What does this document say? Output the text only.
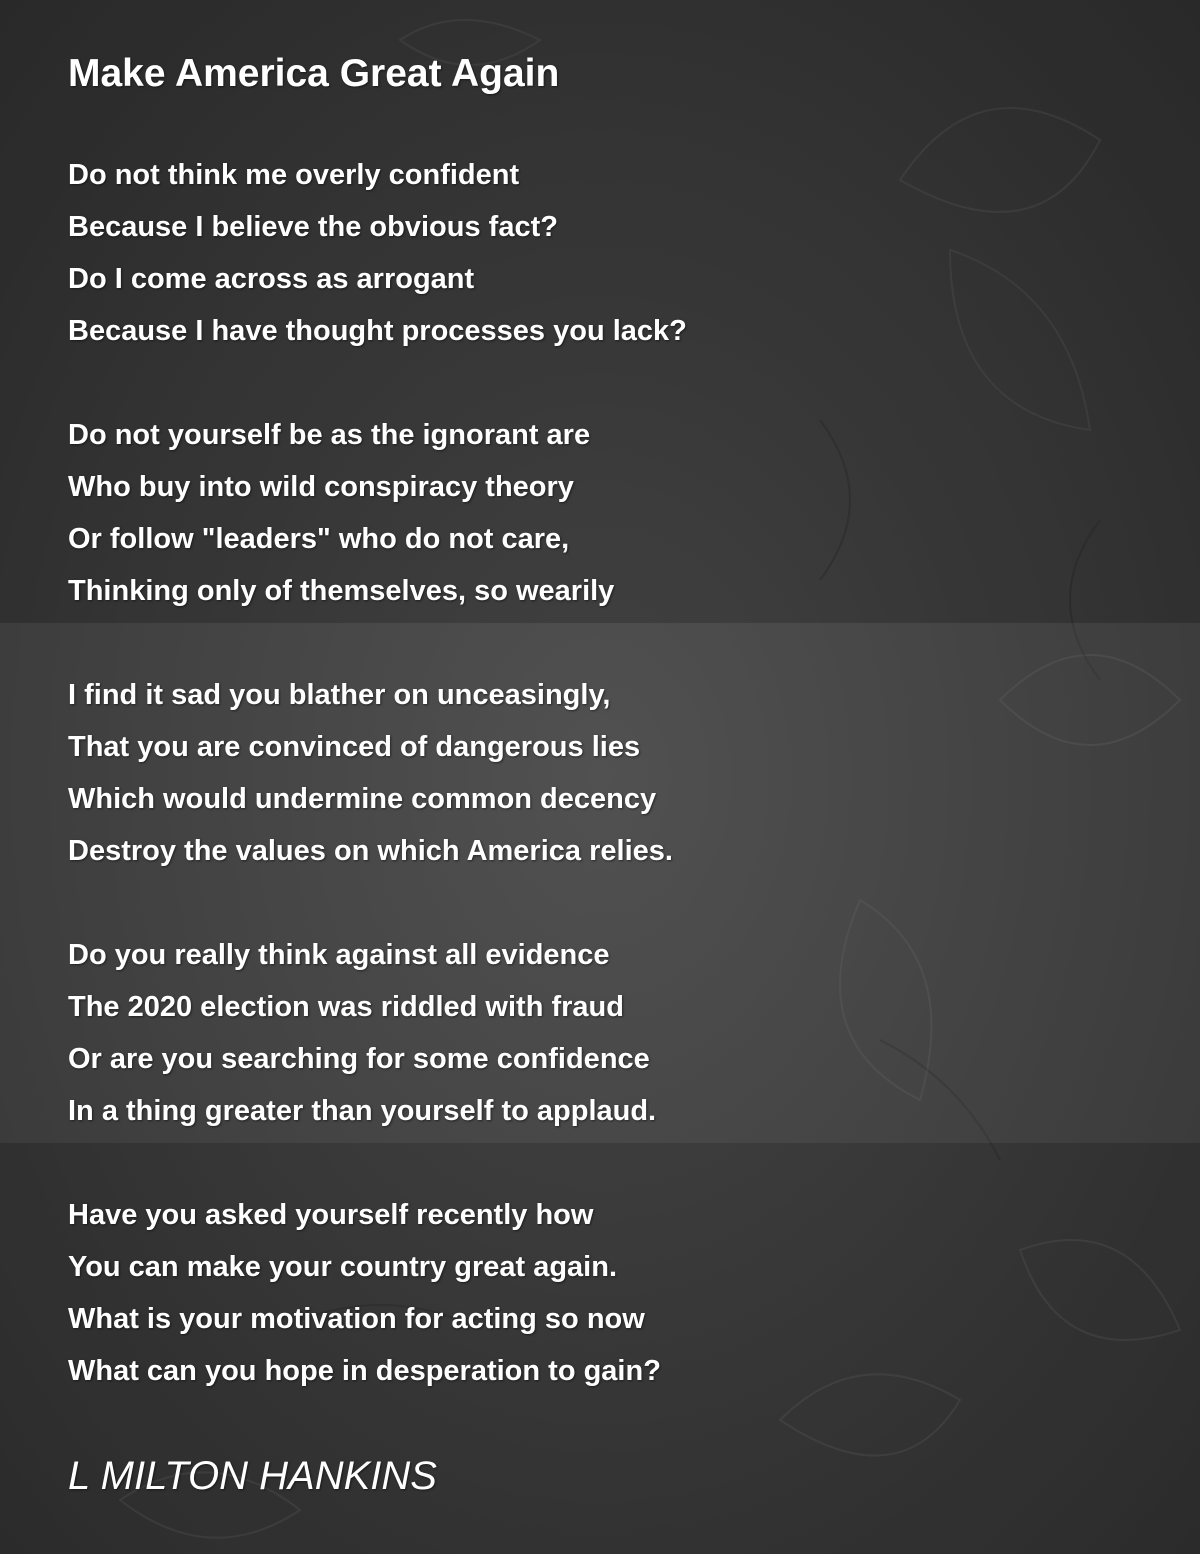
Make America Great Again
Do not think me overly confident
Because I believe the obvious fact?
Do I come across as arrogant
Because I have thought processes you lack?
Do not yourself be as the ignorant are
Who buy into wild conspiracy theory
Or follow "leaders" who do not care,
Thinking only of themselves, so wearily
I find it sad you blather on unceasingly,
That you are convinced of dangerous lies
Which would undermine common decency
Destroy the values on which America relies.
Do you really think against all evidence
The 2020 election was riddled with fraud
Or are you searching for some confidence
In a thing greater than yourself to applaud.
Have you asked yourself recently how
You can make your country great again.
What is your motivation for acting so now
What can you hope in desperation to gain?
L MILTON HANKINS
